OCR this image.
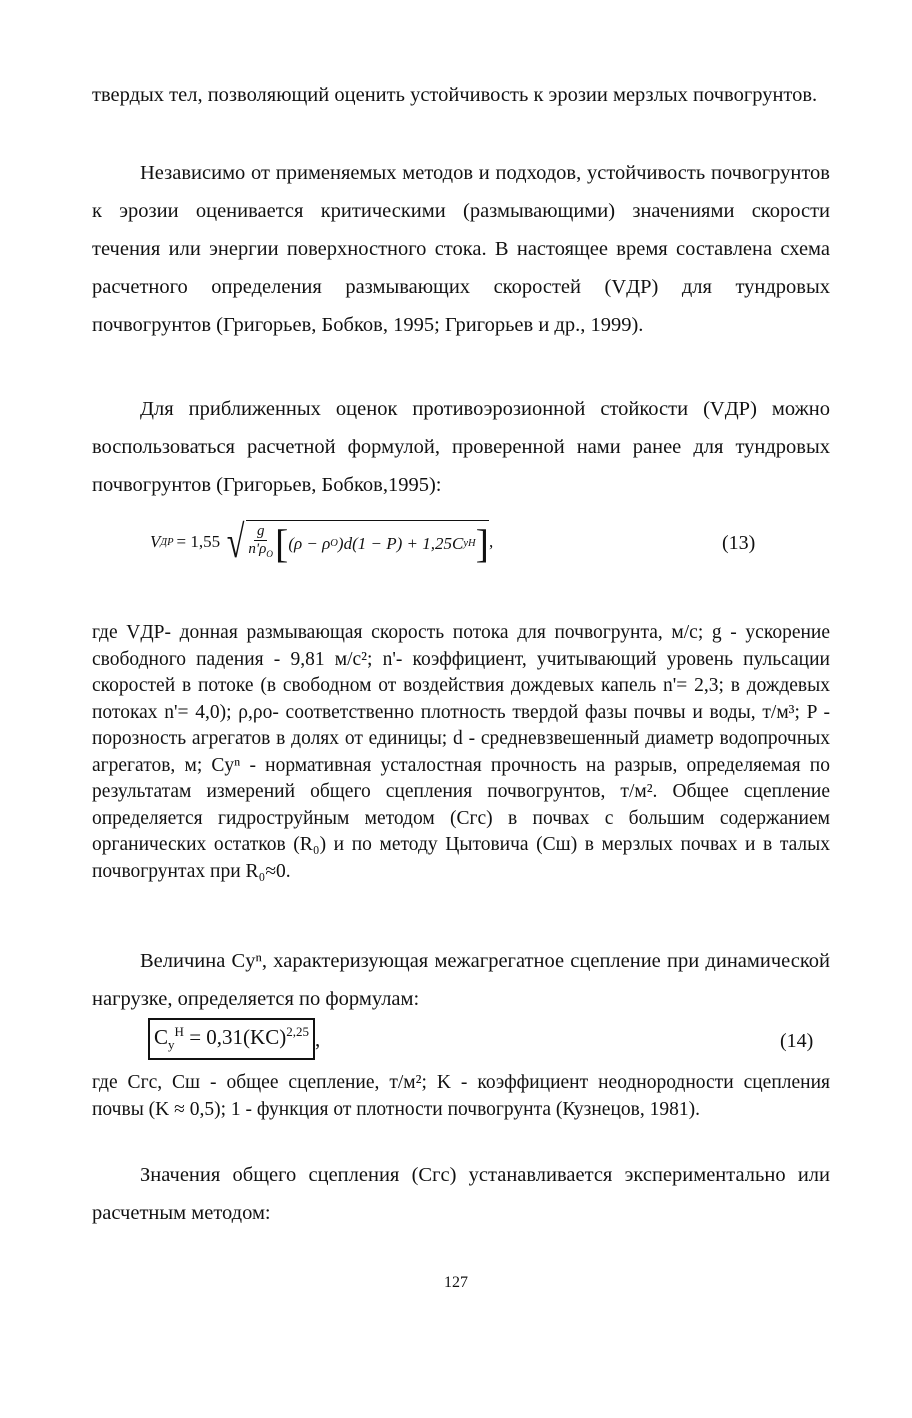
твердых тел, позволяющий оценить устойчивость к эрозии мерзлых почвогрунтов.

Независимо от применяемых методов и подходов, устойчивость почвогрунтов к эрозии оценивается критическими (размывающими) значениями скорости течения или энергии поверхностного стока. В настоящее время составлена схема расчетного определения размывающих скоростей (VДР) для тундровых почвогрунтов (Григорьев, Бобков, 1995; Григорьев и др., 1999).

Для приближенных оценок противоэрозионной стойкости (VДР) можно воспользоваться расчетной формулой, проверенной нами ранее для тундровых почвогрунтов (Григорьев, Бобков,1995):

V ДР = 1,55 √ $\frac{g}{n'\rho_O}$ [ (ρ − ρ O )d(1 − P) + 1,25C y H ] ,	(13)

где VДР- донная размывающая скорость потока для почвогрунта, м/с; g - ускорение свободного падения - 9,81 м/с²; n'- коэффициент, учитывающий уровень пульсации скоростей в потоке (в свободном от воздействия дождевых капель n'= 2,3; в дождевых потоках n'= 4,0); ρ,ρо- соответственно плотность твердой фазы почвы и воды, т/м³; P - порозность агрегатов в долях от единицы; d - средневзвешенный диаметр водопрочных агрегатов, м; Cуⁿ - нормативная усталостная прочность на разрыв, определяемая по результатам измерений общего сцепления почвогрунтов, т/м². Общее сцепление определяется гидроструйным методом (Cгс) в почвах с большим содержанием органических остатков (R₀) и по методу Цытовича (Cш) в мерзлых почвах и в талых почвогрунтах при R₀≈0.

Величина Cуⁿ, характеризующая межагрегатное сцепление при динамической нагрузке, определяется по формулам:

$C_y^H = 0,31(KC)^{2,25}$ ,	(14)

где Cгс, Cш - общее сцепление, т/м²; K - коэффициент неоднородности сцепления почвы (K ≈ 0,5); 1 - функция от плотности почвогрунта (Кузнецов, 1981).

Значения общего сцепления (Cгс) устанавливается экспериментально или расчетным методом:

127
